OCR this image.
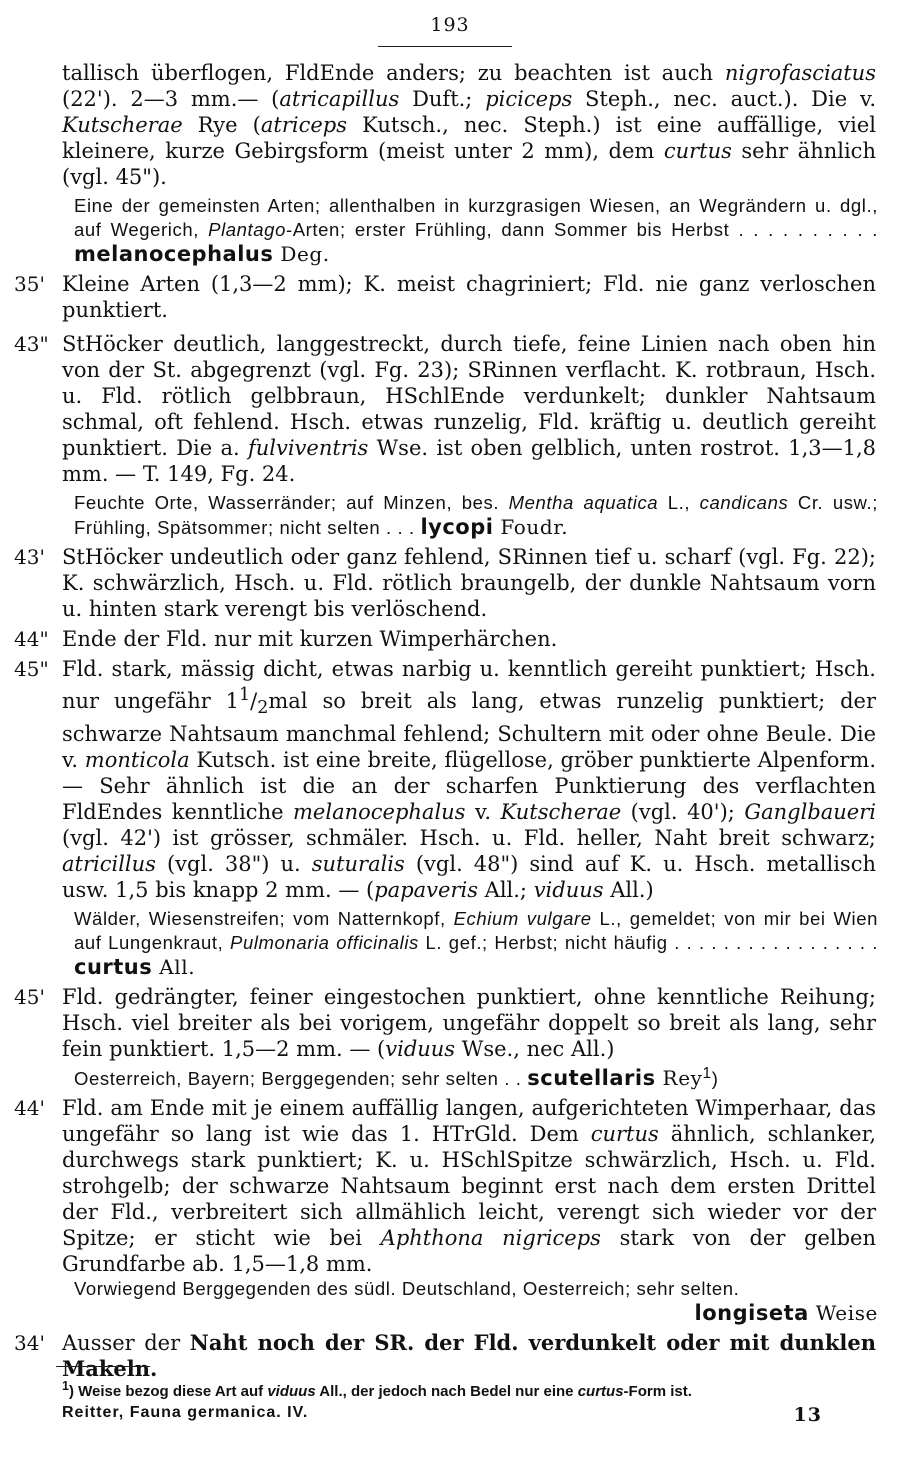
193

tallisch überflogen, FldEnde anders; zu beachten ist auch nigrofasciatus (22'). 2—3 mm.— (atricapillus Duft.; piciceps Steph., nec. auct.). Die v. Kutscherae Rye (atriceps Kutsch., nec. Steph.) ist eine auffällige, viel kleinere, kurze Gebirgsform (meist unter 2 mm), dem curtus sehr ähnlich (vgl. 45").

Eine der gemeinsten Arten; allenthalben in kurzgrasigen Wiesen, an Wegrändern u. dgl., auf Wegerich, Plantago-Arten; erster Frühling, dann Sommer bis Herbst . . . . . . . . . . melanocephalus Deg.

35' Kleine Arten (1,3—2 mm); K. meist chagriniert; Fld. nie ganz verloschen punktiert.

43" StHöcker deutlich, langgestreckt, durch tiefe, feine Linien nach oben hin von der St. abgegrenzt (vgl. Fg. 23); SRinnen verflacht. K. rotbraun, Hsch. u. Fld. rötlich gelbbraun, HSchlEnde verdunkelt; dunkler Nahtsaum schmal, oft fehlend. Hsch. etwas runzelig, Fld. kräftig u. deutlich gereiht punktiert. Die a. fulviventris Wse. ist oben gelblich, unten rostrot. 1,3—1,8 mm. — T. 149, Fg. 24.

Feuchte Orte, Wasserränder; auf Minzen, bes. Mentha aquatica L., candicans Cr. usw.; Frühling, Spätsommer; nicht selten . . . lycopi Foudr.

43' StHöcker undeutlich oder ganz fehlend, SRinnen tief u. scharf (vgl. Fg. 22); K. schwärzlich, Hsch. u. Fld. rötlich braungelb, der dunkle Nahtsaum vorn u. hinten stark verengt bis verlöschend.

44" Ende der Fld. nur mit kurzen Wimperhärchen.

45" Fld. stark, mässig dicht, etwas narbig u. kenntlich gereiht punktiert; Hsch. nur ungefähr $1^1/_2mal$ so breit als lang, etwas runzelig punktiert; der schwarze Nahtsaum manchmal fehlend; Schultern mit oder ohne Beule. Die v. monticola Kutsch. ist eine breite, flügellose, gröber punktierte Alpenform. — Sehr ähnlich ist die an der scharfen Punktierung des verflachten FldEndes kenntliche melanocephalus v. Kutscherae (vgl. 40'); Ganglbaueri (vgl. 42') ist grösser, schmäler. Hsch. u. Fld. heller, Naht breit schwarz; atricillus (vgl. 38") u. suturalis (vgl. 48") sind auf K. u. Hsch. metallisch usw. 1,5 bis knapp 2 mm. — (papaveris All.; viduus All.)

Wälder, Wiesenstreifen; vom Natternkopf, Echium vulgare L., gemeldet; von mir bei Wien auf Lungenkraut, Pulmonaria officinalis L. gef.; Herbst; nicht häufig . . . . . . . . . . . . . . . . . curtus All.

45' Fld. gedrängter, feiner eingestochen punktiert, ohne kenntliche Reihung; Hsch. viel breiter als bei vorigem, ungefähr doppelt so breit als lang, sehr fein punktiert. 1,5—2 mm. — (viduus Wse., nec All.)

Oesterreich, Bayern; Berggegenden; sehr selten . . scutellaris Rey$^1$)

44' Fld. am Ende mit je einem auffällig langen, aufgerichteten Wimperhaar, das ungefähr so lang ist wie das 1. HTrGld. Dem curtus ähnlich, schlanker, durchwegs stark punktiert; K. u. HSchlSpitze schwärzlich, Hsch. u. Fld. strohgelb; der schwarze Nahtsaum beginnt erst nach dem ersten Drittel der Fld., verbreitert sich allmählich leicht, verengt sich wieder vor der Spitze; er sticht wie bei Aphthona nigriceps stark von der gelben Grundfarbe ab. 1,5—1,8 mm.

Vorwiegend Berggegenden des südl. Deutschland, Oesterreich; sehr selten.

longiseta Weise

34' Ausser der Naht noch der SR. der Fld. verdunkelt oder mit dunklen Makeln.

$^1$) Weise bezog diese Art auf viduus All., der jedoch nach Bedel nur eine curtus-Form ist.
Reitter, Fauna germanica. IV.	13
